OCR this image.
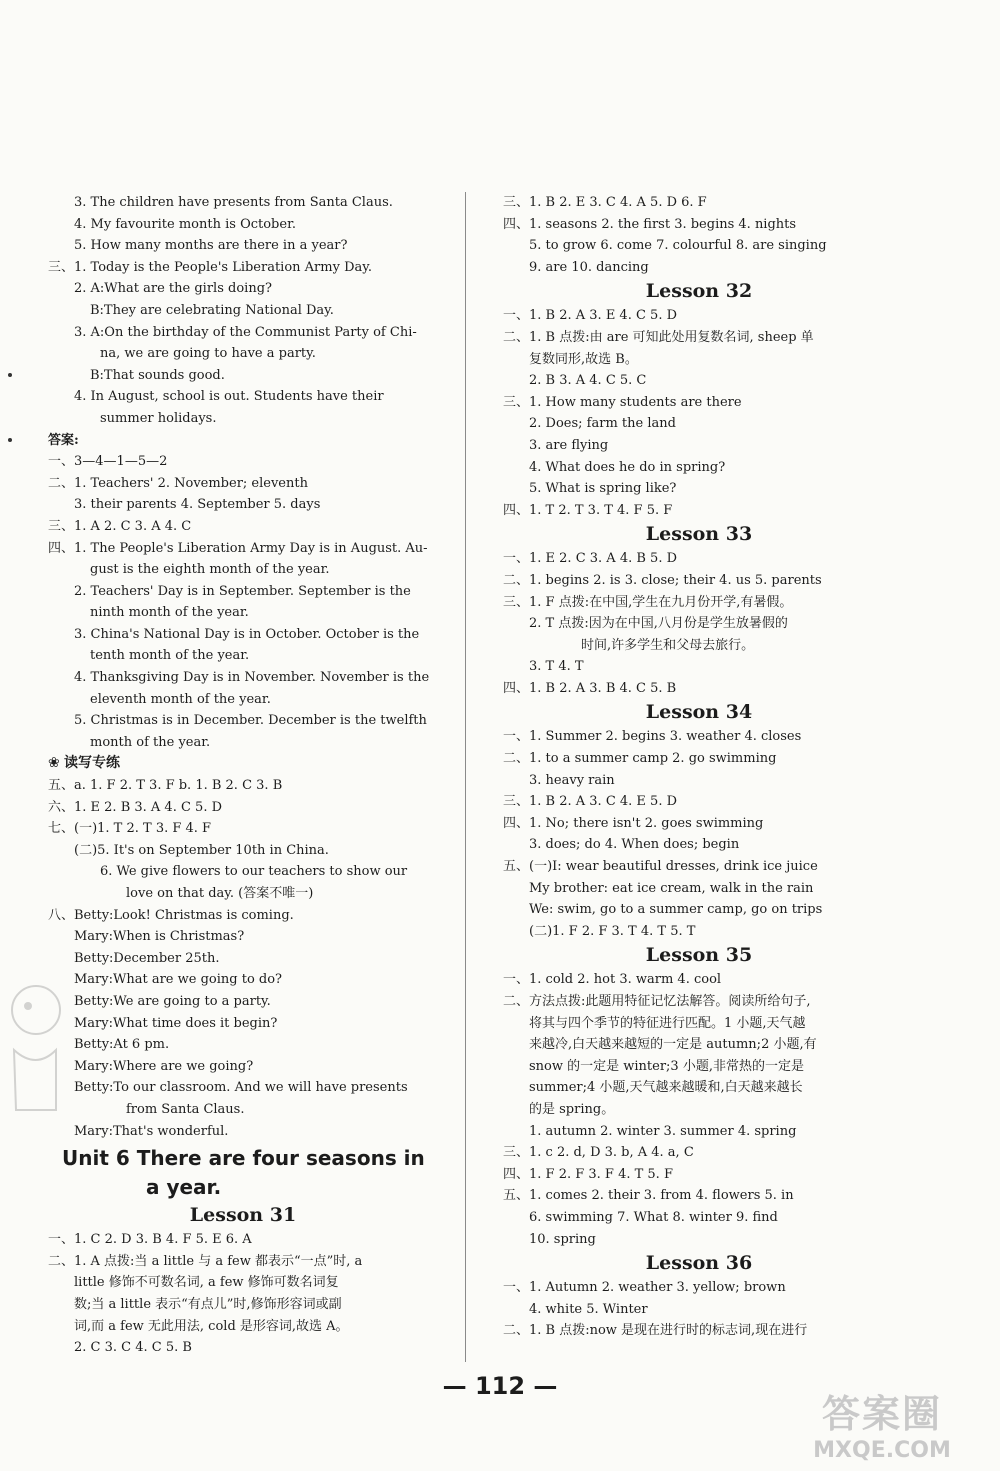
3. The children have presents from Santa Claus.
4. My favourite month is October.
5. How many months are there in a year?
三、1. Today is the People's Liberation Army Day.
2. A:What are the girls doing?
B:They are celebrating National Day.
3. A:On the birthday of the Communist Party of Chi-
na, we are going to have a party.
B:That sounds good.
4. In August, school is out. Students have their
summer holidays.
答案:
一、3—4—1—5—2
二、1. Teachers' 2. November; eleventh
3. their parents 4. September 5. days
三、1. A 2. C 3. A 4. C
四、1. The People's Liberation Army Day is in August. Au-
gust is the eighth month of the year.
2. Teachers' Day is in September. September is the
ninth month of the year.
3. China's National Day is in October. October is the
tenth month of the year.
4. Thanksgiving Day is in November. November is the
eleventh month of the year.
5. Christmas is in December. December is the twelfth
month of the year.
❀ 读写专练
五、a. 1. F 2. T 3. F b. 1. B 2. C 3. B
六、1. E 2. B 3. A 4. C 5. D
七、(一)1. T 2. T 3. F 4. F
(二)5. It's on September 10th in China.
6. We give flowers to our teachers to show our
love on that day. (答案不唯一)
八、Betty:Look! Christmas is coming.
Mary:When is Christmas?
Betty:December 25th.
Mary:What are we going to do?
Betty:We are going to a party.
Mary:What time does it begin?
Betty:At 6 pm.
Mary:Where are we going?
Betty:To our classroom. And we will have presents
from Santa Claus.
Mary:That's wonderful.
Unit 6 There are four seasons in
a year.
Lesson 31
一、1. C 2. D 3. B 4. F 5. E 6. A
二、1. A 点拨:当 a little 与 a few 都表示“一点”时, a
little 修饰不可数名词, a few 修饰可数名词复
数;当 a little 表示“有点儿”时,修饰形容词或副
词,而 a few 无此用法, cold 是形容词,故选 A。
2. C 3. C 4. C 5. B
三、1. B 2. E 3. C 4. A 5. D 6. F
四、1. seasons 2. the first 3. begins 4. nights
5. to grow 6. come 7. colourful 8. are singing
9. are 10. dancing
Lesson 32
一、1. B 2. A 3. E 4. C 5. D
二、1. B 点拨:由 are 可知此处用复数名词, sheep 单
复数同形,故选 B。
2. B 3. A 4. C 5. C
三、1. How many students are there
2. Does; farm the land
3. are flying
4. What does he do in spring?
5. What is spring like?
四、1. T 2. T 3. T 4. F 5. F
Lesson 33
一、1. E 2. C 3. A 4. B 5. D
二、1. begins 2. is 3. close; their 4. us 5. parents
三、1. F 点拨:在中国,学生在九月份开学,有暑假。
2. T 点拨:因为在中国,八月份是学生放暑假的
时间,许多学生和父母去旅行。
3. T 4. T
四、1. B 2. A 3. B 4. C 5. B
Lesson 34
一、1. Summer 2. begins 3. weather 4. closes
二、1. to a summer camp 2. go swimming
3. heavy rain
三、1. B 2. A 3. C 4. E 5. D
四、1. No; there isn't 2. goes swimming
3. does; do 4. When does; begin
五、(一)I: wear beautiful dresses, drink ice juice
My brother: eat ice cream, walk in the rain
We: swim, go to a summer camp, go on trips
(二)1. F 2. F 3. T 4. T 5. T
Lesson 35
一、1. cold 2. hot 3. warm 4. cool
二、方法点拨:此题用特征记忆法解答。阅读所给句子,
将其与四个季节的特征进行匹配。1 小题,天气越
来越冷,白天越来越短的一定是 autumn;2 小题,有
snow 的一定是 winter;3 小题,非常热的一定是
summer;4 小题,天气越来越暖和,白天越来越长
的是 spring。
1. autumn 2. winter 3. summer 4. spring
三、1. c 2. d, D 3. b, A 4. a, C
四、1. F 2. F 3. F 4. T 5. F
五、1. comes 2. their 3. from 4. flowers 5. in
6. swimming 7. What 8. winter 9. find
10. spring
Lesson 36
一、1. Autumn 2. weather 3. yellow; brown
4. white 5. Winter
二、1. B 点拨:now 是现在进行时的标志词,现在进行
— 112 —
答案圈
MXQE.COM
